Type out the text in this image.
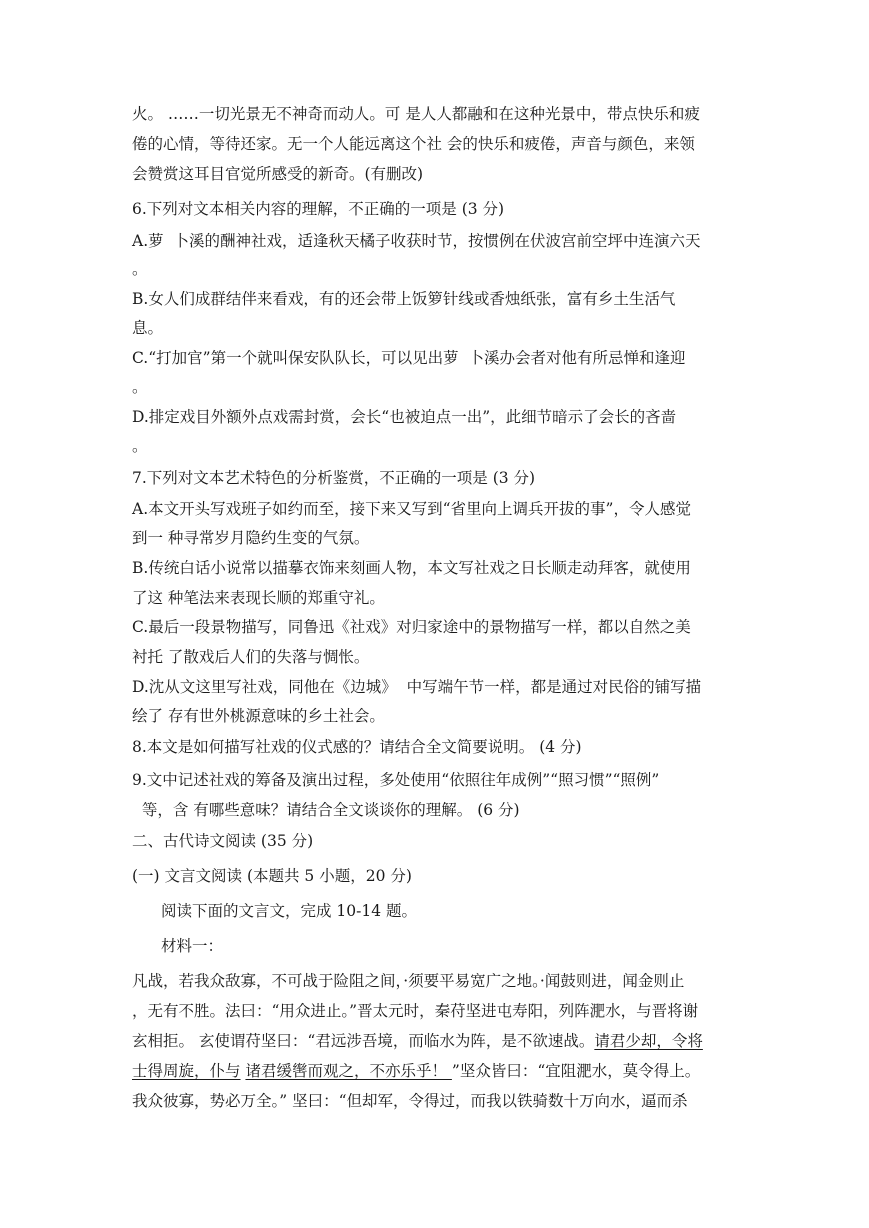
火。 ……一切光景无不神奇而动人。可 是人人都融和在这种光景中，带点快乐和疲
倦的心情，等待还家。无一个人能远离这个社 会的快乐和疲倦，声音与颜色，来领
会赞赏这耳目官觉所感受的新奇。(有删改)
6.下列对文本相关内容的理解，不正确的一项是 (3 分)
A.萝  卜溪的酬神社戏，适逢秋天橘子收获时节，按惯例在伏波宫前空坪中连演六天
。
B.女人们成群结伴来看戏，有的还会带上饭箩针线或香烛纸张，富有乡土生活气
息。
C.“打加官”第一个就叫保安队队长，可以见出萝  卜溪办会者对他有所忌惮和逢迎
。
D.排定戏目外额外点戏需封赏，会长“也被迫点一出”，此细节暗示了会长的吝啬
。
7.下列对文本艺术特色的分析鉴赏，不正确的一项是 (3 分)
A.本文开头写戏班子如约而至，接下来又写到“省里向上调兵开拔的事”，令人感觉
到一 种寻常岁月隐约生变的气氛。
B.传统白话小说常以描摹衣饰来刻画人物，本文写社戏之日长顺走动拜客，就使用
了这 种笔法来表现长顺的郑重守礼。
C.最后一段景物描写，同鲁迅《社戏》对归家途中的景物描写一样，都以自然之美
衬托 了散戏后人们的失落与惆怅。
D.沈从文这里写社戏，同他在《边城》  中写端午节一样，都是通过对民俗的铺写描
绘了 存有世外桃源意味的乡土社会。
8.本文是如何描写社戏的仪式感的？请结合全文简要说明。 (4 分)
9.文中记述社戏的筹备及演出过程，多处使用“依照往年成例”“照习惯”“照例”
等，含 有哪些意味？请结合全文谈谈你的理解。 (6 分)
二、古代诗文阅读 (35 分)
(一) 文言文阅读 (本题共 5 小题，20 分)
阅读下面的文言文，完成 10-14 题。
材料一：
凡战，若我众敌寡，不可战于险阻之间，·须要平易宽广之地。·闻鼓则进，闻金则止
，无有不胜。法曰：“用众进止。”晋太元时，秦苻坚进屯寿阳，列阵淝水，与晋将谢
玄相拒。 玄使谓苻坚曰：“君远涉吾境，而临水为阵，是不欲速战。请君少却，令将
士得周旋，仆与 诸君缓辔而观之，不亦乐乎！ ”坚众皆曰：“宜阻淝水，莫令得上。
我众彼寡，势必万全。” 坚曰：“但却军，令得过，而我以铁骑数十万向水，逼而杀
